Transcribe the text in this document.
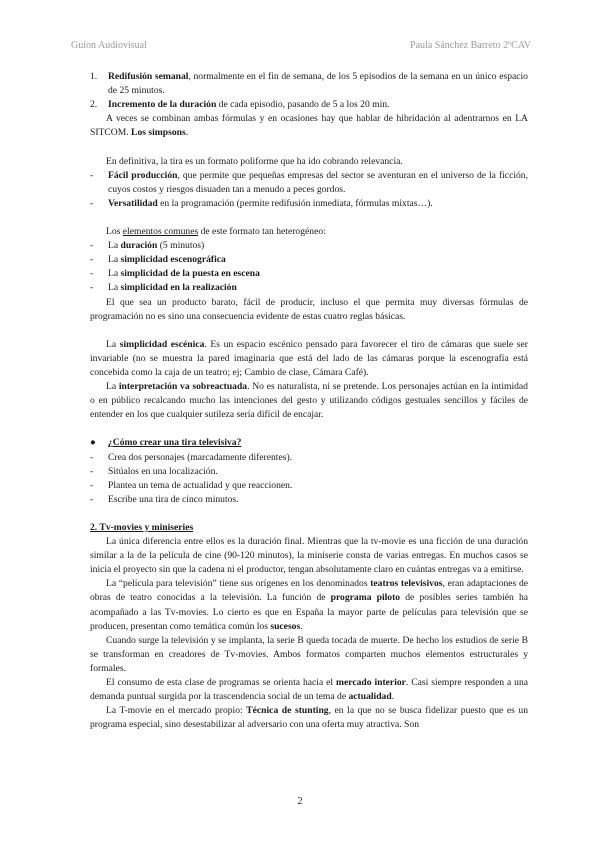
Guion Audiovisual	Paula Sánchez Barreto 2ºCAV
1. Redifusión semanal, normalmente en el fin de semana, de los 5 episodios de la semana en un único espacio de 25 minutos.
2. Incremento de la duración de cada episodio, pasando de 5 a los 20 min.

A veces se combinan ambas fórmulas y en ocasiones hay que hablar de hibridación al adentrarnos en LA SITCOM. Los simpsons.

En definitiva, la tira es un formato poliforme que ha ido cobrando relevancia.

- Fácil producción, que permite que pequeñas empresas del sector se aventuran en el universo de la ficción, cuyos costos y riesgos disuaden tan a menudo a peces gordos.
- Versatilidad en la programación (permite redifusión inmediata, fórmulas mixtas…).

Los elementos comunes de este formato tan heterogéneo:

- La duración (5 minutos)
- La simplicidad escenográfica
- La simplicidad de la puesta en escena
- La simplicidad en la realización

El que sea un producto barato, fácil de producir, incluso el que permita muy diversas fórmulas de programación no es sino una consecuencia evidente de estas cuatro reglas básicas.

La simplicidad escénica. Es un espacio escénico pensado para favorecer el tiro de cámaras que suele ser invariable (no se muestra la pared imaginaria que está del lado de las cámaras porque la escenografía está concebida como la caja de un teatro; ej; Cambio de clase, Cámara Café).

La interpretación va sobreactuada. No es naturalista, ni se pretende. Los personajes actúan en la intimidad o en público recalcando mucho las intenciones del gesto y utilizando códigos gestuales sencillos y fáciles de entender en los que cualquier sutileza sería difícil de encajar.

● ¿Cómo crear una tira televisiva?
- Crea dos personajes (marcadamente diferentes).
- Sitúalos en una localización.
- Plantea un tema de actualidad y que reaccionen.
- Escribe una tira de cinco minutos.

2. Tv-movies y miniseries

La única diferencia entre ellos es la duración final. Mientras que la tv-movie es una ficción de una duración similar a la de la película de cine (90-120 minutos), la miniserie consta de varias entregas. En muchos casos se inicia el proyecto sin que la cadena ni el productor, tengan absolutamente claro en cuántas entregas va a emitirse.

La “película para televisión” tiene sus orígenes en los denominados teatros televisivos, eran adaptaciones de obras de teatro conocidas a la televisión. La función de programa piloto de posibles series también ha acompañado a las Tv-movies. Lo cierto es que en España la mayor parte de películas para televisión que se producen, presentan como temática común los sucesos.

Cuando surge la televisión y se implanta, la serie B queda tocada de muerte. De hecho los estudios de serie B se transforman en creadores de Tv-movies. Ambos formatos comparten muchos elementos estructurales y formales.

El consumo de esta clase de programas se orienta hacia el mercado interior. Casi siempre responden a una demanda puntual surgida por la trascendencia social de un tema de actualidad.

La T-movie en el mercado propio: Técnica de stunting, en la que no se busca fidelizar puesto que es un programa especial, sino desestabilizar al adversario con una oferta muy atractiva. Son

2
